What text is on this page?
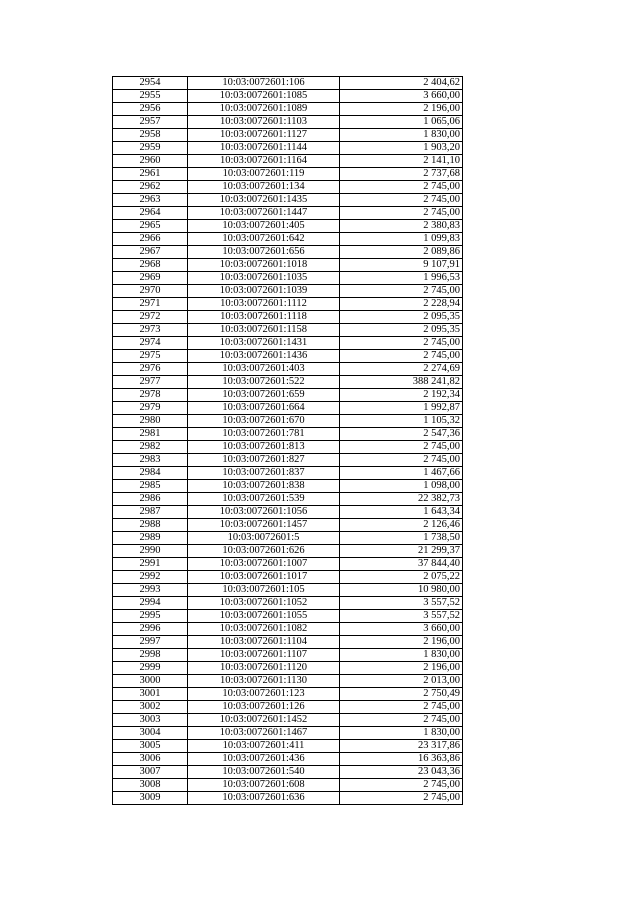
2954	10:03:0072601:106	2 404,62
2955	10:03:0072601:1085	3 660,00
2956	10:03:0072601:1089	2 196,00
2957	10:03:0072601:1103	1 065,06
2958	10:03:0072601:1127	1 830,00
2959	10:03:0072601:1144	1 903,20
2960	10:03:0072601:1164	2 141,10
2961	10:03:0072601:119	2 737,68
2962	10:03:0072601:134	2 745,00
2963	10:03:0072601:1435	2 745,00
2964	10:03:0072601:1447	2 745,00
2965	10:03:0072601:405	2 380,83
2966	10:03:0072601:642	1 099,83
2967	10:03:0072601:656	2 089,86
2968	10:03:0072601:1018	9 107,91
2969	10:03:0072601:1035	1 996,53
2970	10:03:0072601:1039	2 745,00
2971	10:03:0072601:1112	2 228,94
2972	10:03:0072601:1118	2 095,35
2973	10:03:0072601:1158	2 095,35
2974	10:03:0072601:1431	2 745,00
2975	10:03:0072601:1436	2 745,00
2976	10:03:0072601:403	2 274,69
2977	10:03:0072601:522	388 241,82
2978	10:03:0072601:659	2 192,34
2979	10:03:0072601:664	1 992,87
2980	10:03:0072601:670	1 105,32
2981	10:03:0072601:781	2 547,36
2982	10:03:0072601:813	2 745,00
2983	10:03:0072601:827	2 745,00
2984	10:03:0072601:837	1 467,66
2985	10:03:0072601:838	1 098,00
2986	10:03:0072601:539	22 382,73
2987	10:03:0072601:1056	1 643,34
2988	10:03:0072601:1457	2 126,46
2989	10:03:0072601:5	1 738,50
2990	10:03:0072601:626	21 299,37
2991	10:03:0072601:1007	37 844,40
2992	10:03:0072601:1017	2 075,22
2993	10:03:0072601:105	10 980,00
2994	10:03:0072601:1052	3 557,52
2995	10:03:0072601:1055	3 557,52
2996	10:03:0072601:1082	3 660,00
2997	10:03:0072601:1104	2 196,00
2998	10:03:0072601:1107	1 830,00
2999	10:03:0072601:1120	2 196,00
3000	10:03:0072601:1130	2 013,00
3001	10:03:0072601:123	2 750,49
3002	10:03:0072601:126	2 745,00
3003	10:03:0072601:1452	2 745,00
3004	10:03:0072601:1467	1 830,00
3005	10:03:0072601:411	23 317,86
3006	10:03:0072601:436	16 363,86
3007	10:03:0072601:540	23 043,36
3008	10:03:0072601:608	2 745,00
3009	10:03:0072601:636	2 745,00
